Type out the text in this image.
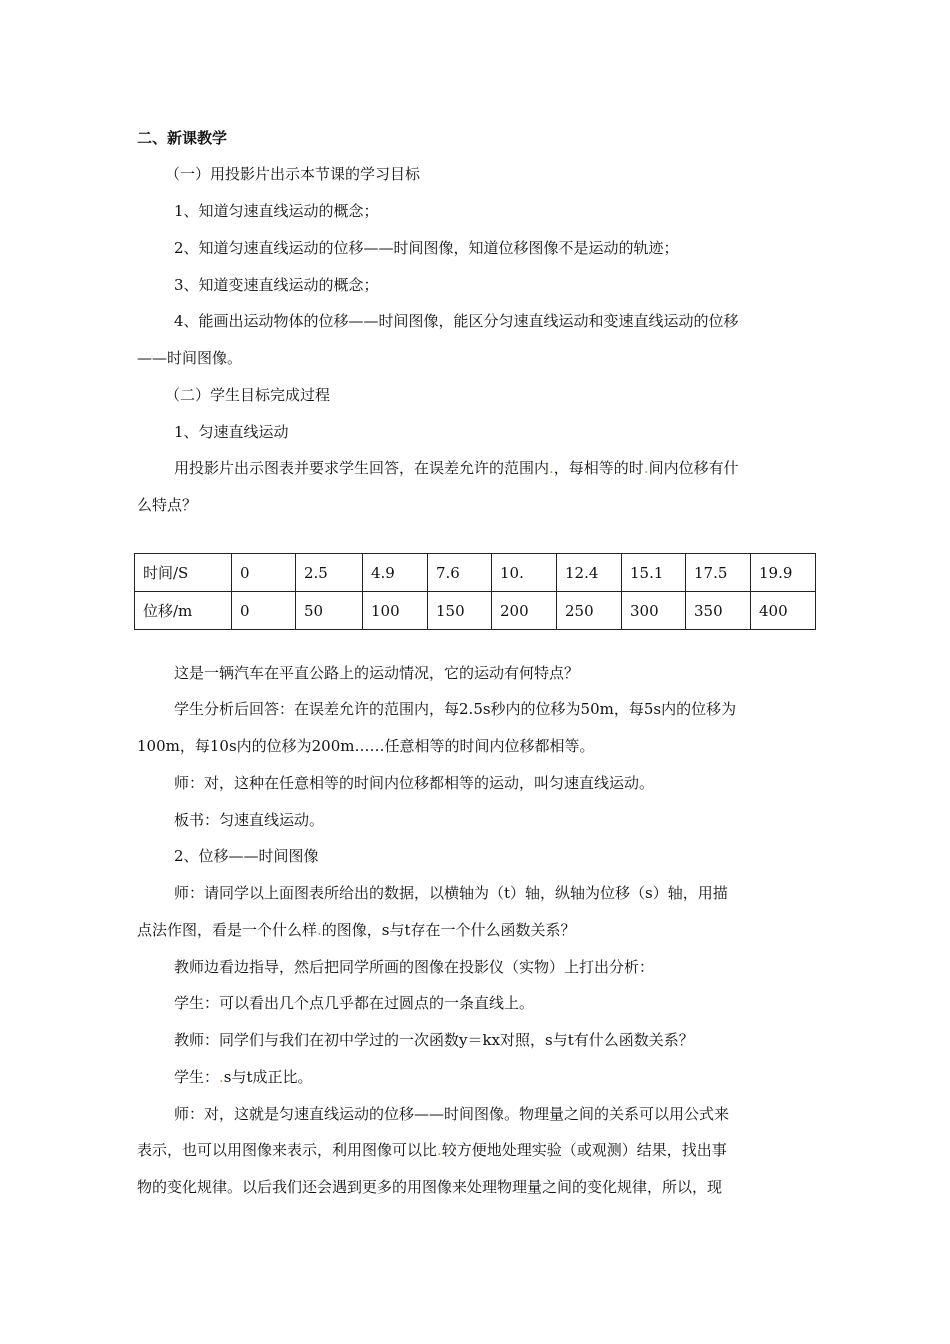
二、新课教学
（一）用投影片出示本节课的学习目标
1、知道匀速直线运动的概念；
2、知道匀速直线运动的位移——时间图像，知道位移图像不是运动的轨迹；
3、知道变速直线运动的概念；
4、能画出运动物体的位移——时间图像，能区分匀速直线运动和变速直线运动的位移
——时间图像。
（二）学生目标完成过程
1、匀速直线运动
用投影片出示图表并要求学生回答，在误差允许的范围内.，每相等的时.间内位移有什
么特点？
时间/S	0	2.5	4.9	7.6	10.	12.4	15.1	17.5	19.9
位移/m	0	50	100	150	200	250	300	350	400
这是一辆汽车在平直公路上的运动情况，它的运动有何特点？
学生分析后回答：在误差允许的范围内，每2.5s秒内的位移为50m，每5s内的位移为
100m，每10s内的位移为200m……任意相等的时间内位移都相等。
师：对，这种在任意相等的时间内位移都相等的运动，叫匀速直线运动。
板书：匀速直线运动。
2、位移——时间图像
师：请同学以上面图表所给出的数据，以横轴为（t）轴，纵轴为位移（s）轴，用描
点法作图，看是一个什么样.的图像，s与t存在一个什么函数关系？
教师边看边指导，然后把同学所画的图像在投影仪（实物）上打出分析：
学生：可以看出几个点几乎都在过圆点的一条直线上。
教师：同学们与我们在初中学过的一次函数y＝kx对照，s与t有什么函数关系？
学生：.s与t成正比。
师：对，这就是匀速直线运动的位移——时间图像。物理量之间的关系可以用公式来
表示，也可以用图像来表示，利用图像可以比.较方便地处理实验（或观测）结果，找出事
物的变化规律。以后我们还会遇到更多的用图像来处理物理量之间的变化规律，所以，现
